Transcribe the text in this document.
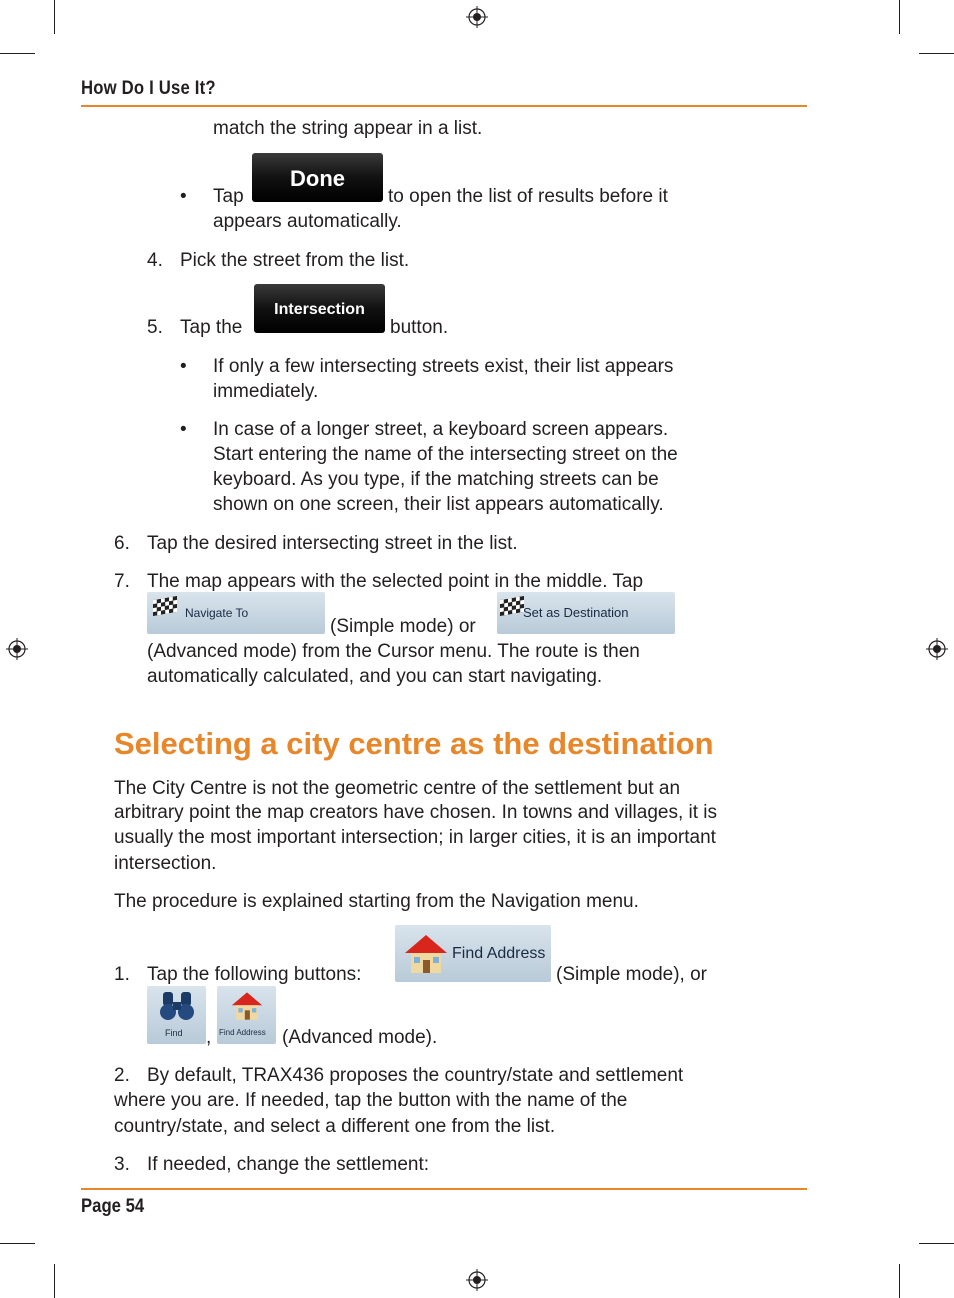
How Do I Use It?
match the string appear in a list.
• Tap
Done
to open the list of results before it
appears automatically.
4. Pick the street from the list.
5. Tap the
Intersection
button.
• If only a few intersecting streets exist, their list appears
immediately.
• In case of a longer street, a keyboard screen appears.
Start entering the name of the intersecting street on the
keyboard. As you type, if the matching streets can be
shown on one screen, their list appears automatically.
6. Tap the desired intersecting street in the list.
7. The map appears with the selected point in the middle. Tap
Navigate To
(Simple mode) or
Set as Destination
(Advanced mode) from the Cursor menu. The route is then
automatically calculated, and you can start navigating.
Selecting a city centre as the destination
The City Centre is not the geometric centre of the settlement but an
arbitrary point the map creators have chosen. In towns and villages, it is
usually the most important intersection; in larger cities, it is an important
intersection.
The procedure is explained starting from the Navigation menu.
1. Tap the following buttons:
Find Address
(Simple mode), or
Find , Find Address (Advanced mode).
2. By default, TRAX436 proposes the country/state and settlement
where you are. If needed, tap the button with the name of the
country/state, and select a different one from the list.
3. If needed, change the settlement:
Page 54
